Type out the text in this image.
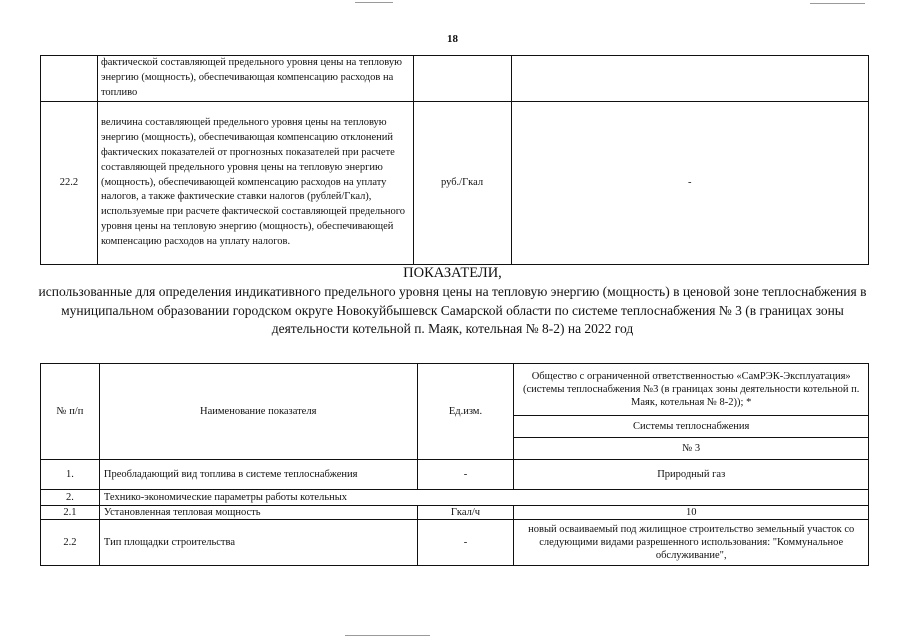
18
	фактической составляющей предельного уровня цены на тепловую энергию (мощность), обеспечивающая компенсацию расходов на топливо		
22.2	величина составляющей предельного уровня цены на тепловую энергию (мощность), обеспечивающая компенсацию отклонений фактических показателей от прогнозных показателей при расчете составляющей предельного уровня цены на тепловую энергию (мощность), обеспечивающей компенсацию расходов на уплату налогов, а также фактические ставки налогов (рублей/Гкал), используемые при расчете фактической составляющей предельного уровня цены на тепловую энергию (мощность), обеспечивающей компенсацию расходов на уплату налогов.	руб./Гкал	-
ПОКАЗАТЕЛИ,
использованные для определения индикативного предельного уровня цены на тепловую энергию (мощность) в ценовой зоне теплоснабжения в муниципальном образовании городском округе Новокуйбышевск Самарской области по системе теплоснабжения № 3 (в границах зоны деятельности котельной п. Маяк, котельная № 8-2) на 2022 год
№ п/п	Наименование показателя	Ед.изм.	Общество с ограниченной ответственностью «СамРЭК-Эксплуатация» (системы теплоснабжения №3 (в границах зоны деятельности котельной п. Маяк, котельная № 8-2)); *
			Системы теплоснабжения
			№ 3
1.	Преобладающий вид топлива в системе теплоснабжения	-	Природный газ
2.	Технико-экономические параметры работы котельных		
2.1	Установленная тепловая мощность	Гкал/ч	10
2.2	Тип площадки строительства	-	новый осваиваемый под жилищное строительство земельный участок со следующими видами разрешенного использования: "Коммунальное обслуживание",
